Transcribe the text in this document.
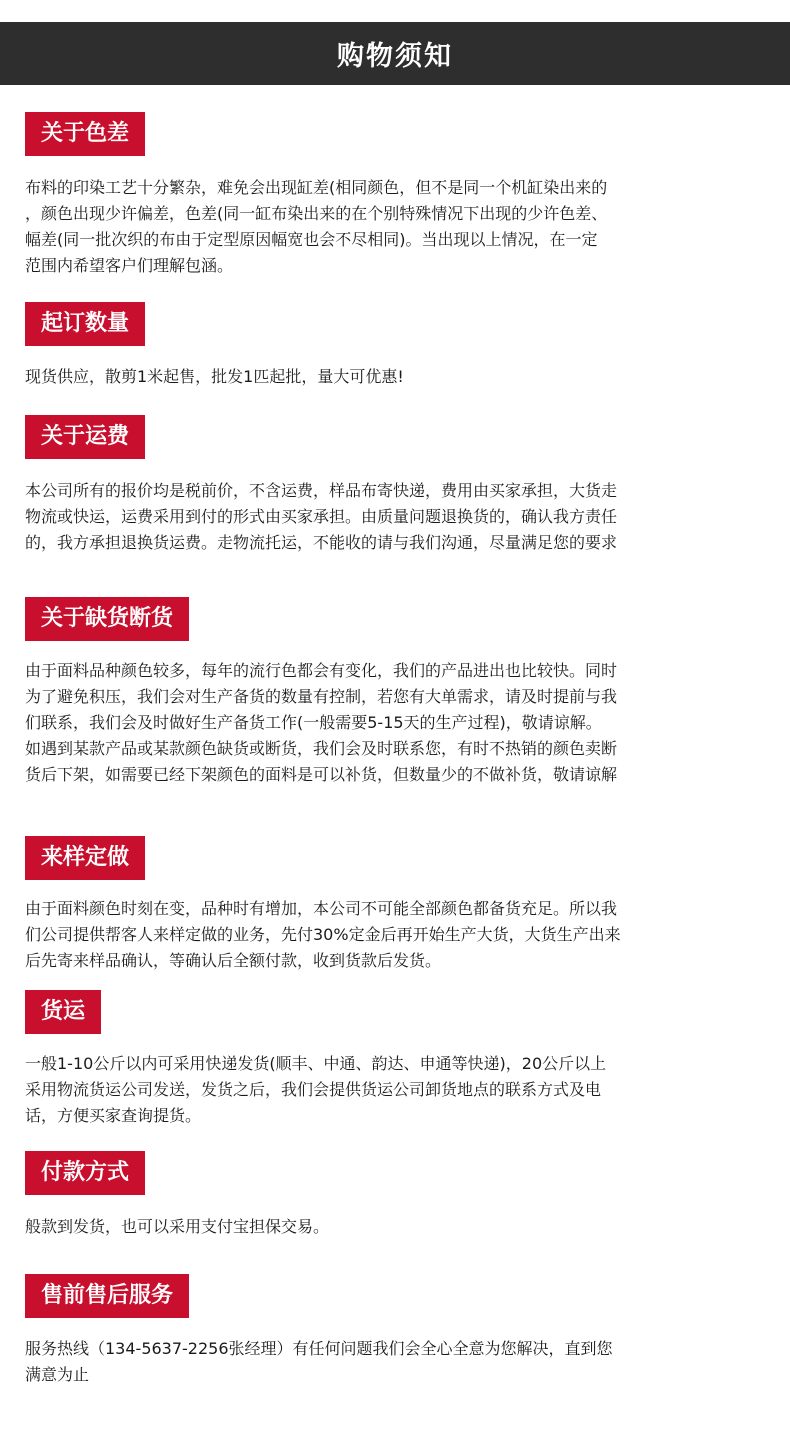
购物须知
关于色差
布料的印染工艺十分繁杂，难免会出现缸差(相同颜色，但不是同一个机缸染出来的
，颜色出现少许偏差，色差(同一缸布染出来的在个别特殊情况下出现的少许色差、
幅差(同一批次织的布由于定型原因幅宽也会不尽相同)。当出现以上情况，在一定
范围内希望客户们理解包涵。
起订数量
现货供应，散剪1米起售，批发1匹起批，量大可优惠!
关于运费
本公司所有的报价均是税前价，不含运费，样品布寄快递，费用由买家承担，大货走
物流或快运，运费采用到付的形式由买家承担。由质量问题退换货的，确认我方责任
的，我方承担退换货运费。走物流托运，不能收的请与我们沟通，尽量满足您的要求
关于缺货断货
由于面料品种颜色较多，每年的流行色都会有变化，我们的产品进出也比较快。同时
为了避免积压，我们会对生产备货的数量有控制，若您有大单需求，请及时提前与我
们联系，我们会及时做好生产备货工作(一般需要5-15天的生产过程)，敬请谅解。
如遇到某款产品或某款颜色缺货或断货，我们会及时联系您，有时不热销的颜色卖断
货后下架，如需要已经下架颜色的面料是可以补货，但数量少的不做补货，敬请谅解
来样定做
由于面料颜色时刻在变，品种时有增加，本公司不可能全部颜色都备货充足。所以我
们公司提供帮客人来样定做的业务，先付30%定金后再开始生产大货，大货生产出来
后先寄来样品确认，等确认后全额付款，收到货款后发货。
货运
一般1-10公斤以内可采用快递发货(顺丰、中通、韵达、申通等快递)，20公斤以上
采用物流货运公司发送，发货之后，我们会提供货运公司卸货地点的联系方式及电
话，方便买家查询提货。
付款方式
般款到发货，也可以采用支付宝担保交易。
售前售后服务
服务热线（134-5637-2256张经理）有任何问题我们会全心全意为您解决，直到您
满意为止
